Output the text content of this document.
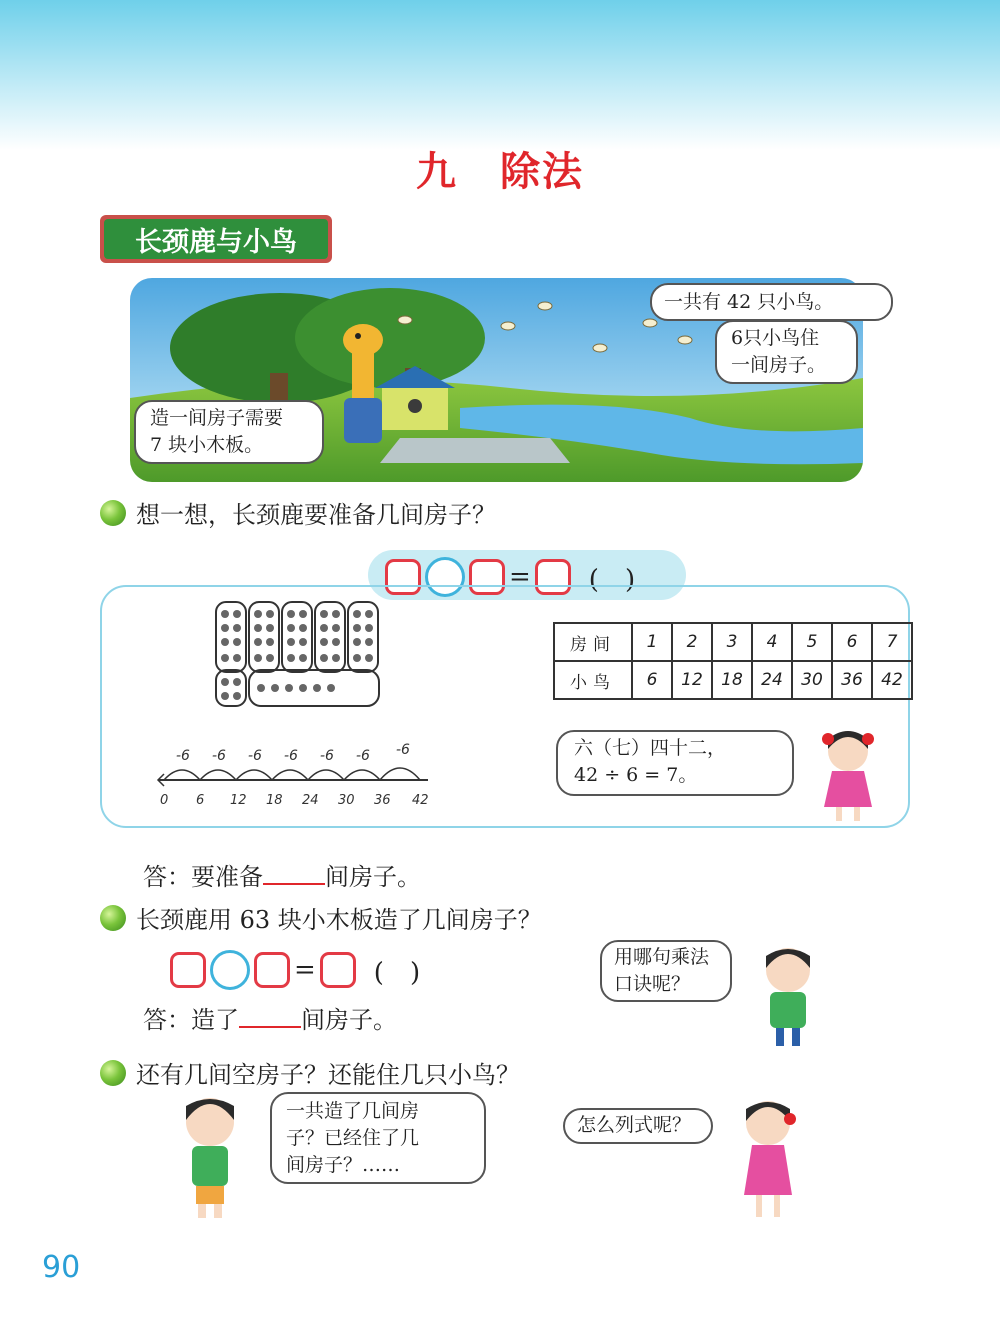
九　除法
长颈鹿与小鸟
一共有 42 只小鸟。
6只小鸟住
一间房子。
造一间房子需要
7 块小木板。
想一想，长颈鹿要准备几间房子？
= (　)
房间	1	2	3	4	5	6	7
小鸟	6	12	18	24	30	36	42
-6 -6 -6 -6 -6 -6 -6
0 6 12 18 24 30 36 42
六（七）四十二，
42 ÷ 6 = 7。
答：要准备	间房子。
长颈鹿用 63 块小木板造了几间房子？
= (　)
用哪句乘法
口诀呢？
答：造了	间房子。
还有几间空房子？还能住几只小鸟？
一共造了几间房
子？已经住了几
间房子？……
怎么列式呢？
90
